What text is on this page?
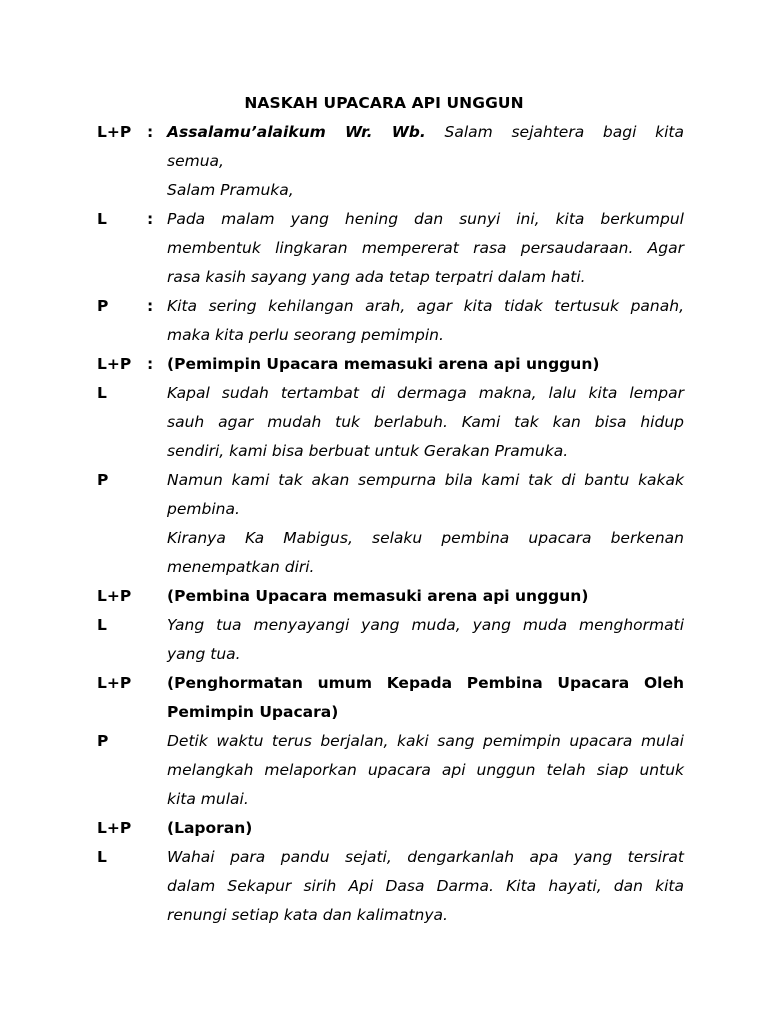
NASKAH UPACARA API UNGGUN
L+P	: Assalamu’alaikum Wr. Wb. Salam sejahtera bagi kita
semua,
Salam Pramuka,
L	: Pada malam yang hening dan sunyi ini, kita berkumpul
membentuk lingkaran mempererat rasa persaudaraan. Agar
rasa kasih sayang yang ada tetap terpatri dalam hati.
P	: Kita sering kehilangan arah, agar kita tidak tertusuk panah,
maka kita perlu seorang pemimpin.
L+P	: (Pemimpin Upacara memasuki arena api unggun)
L	Kapal sudah tertambat di dermaga makna, lalu kita lempar
sauh agar mudah tuk berlabuh. Kami tak kan bisa hidup
sendiri, kami bisa berbuat untuk Gerakan Pramuka.
P	Namun kami tak akan sempurna bila kami tak di bantu kakak
pembina.
Kiranya Ka Mabigus, selaku pembina upacara berkenan
menempatkan diri.
L+P	(Pembina Upacara memasuki arena api unggun)
L	Yang tua menyayangi yang muda, yang muda menghormati
yang tua.
L+P	(Penghormatan umum Kepada Pembina Upacara Oleh
Pemimpin Upacara)
P	Detik waktu terus berjalan, kaki sang pemimpin upacara mulai
melangkah melaporkan upacara api unggun telah siap untuk
kita mulai.
L+P	(Laporan)
L	Wahai para pandu sejati, dengarkanlah apa yang tersirat
dalam Sekapur sirih Api Dasa Darma. Kita hayati, dan kita
renungi setiap kata dan kalimatnya.
